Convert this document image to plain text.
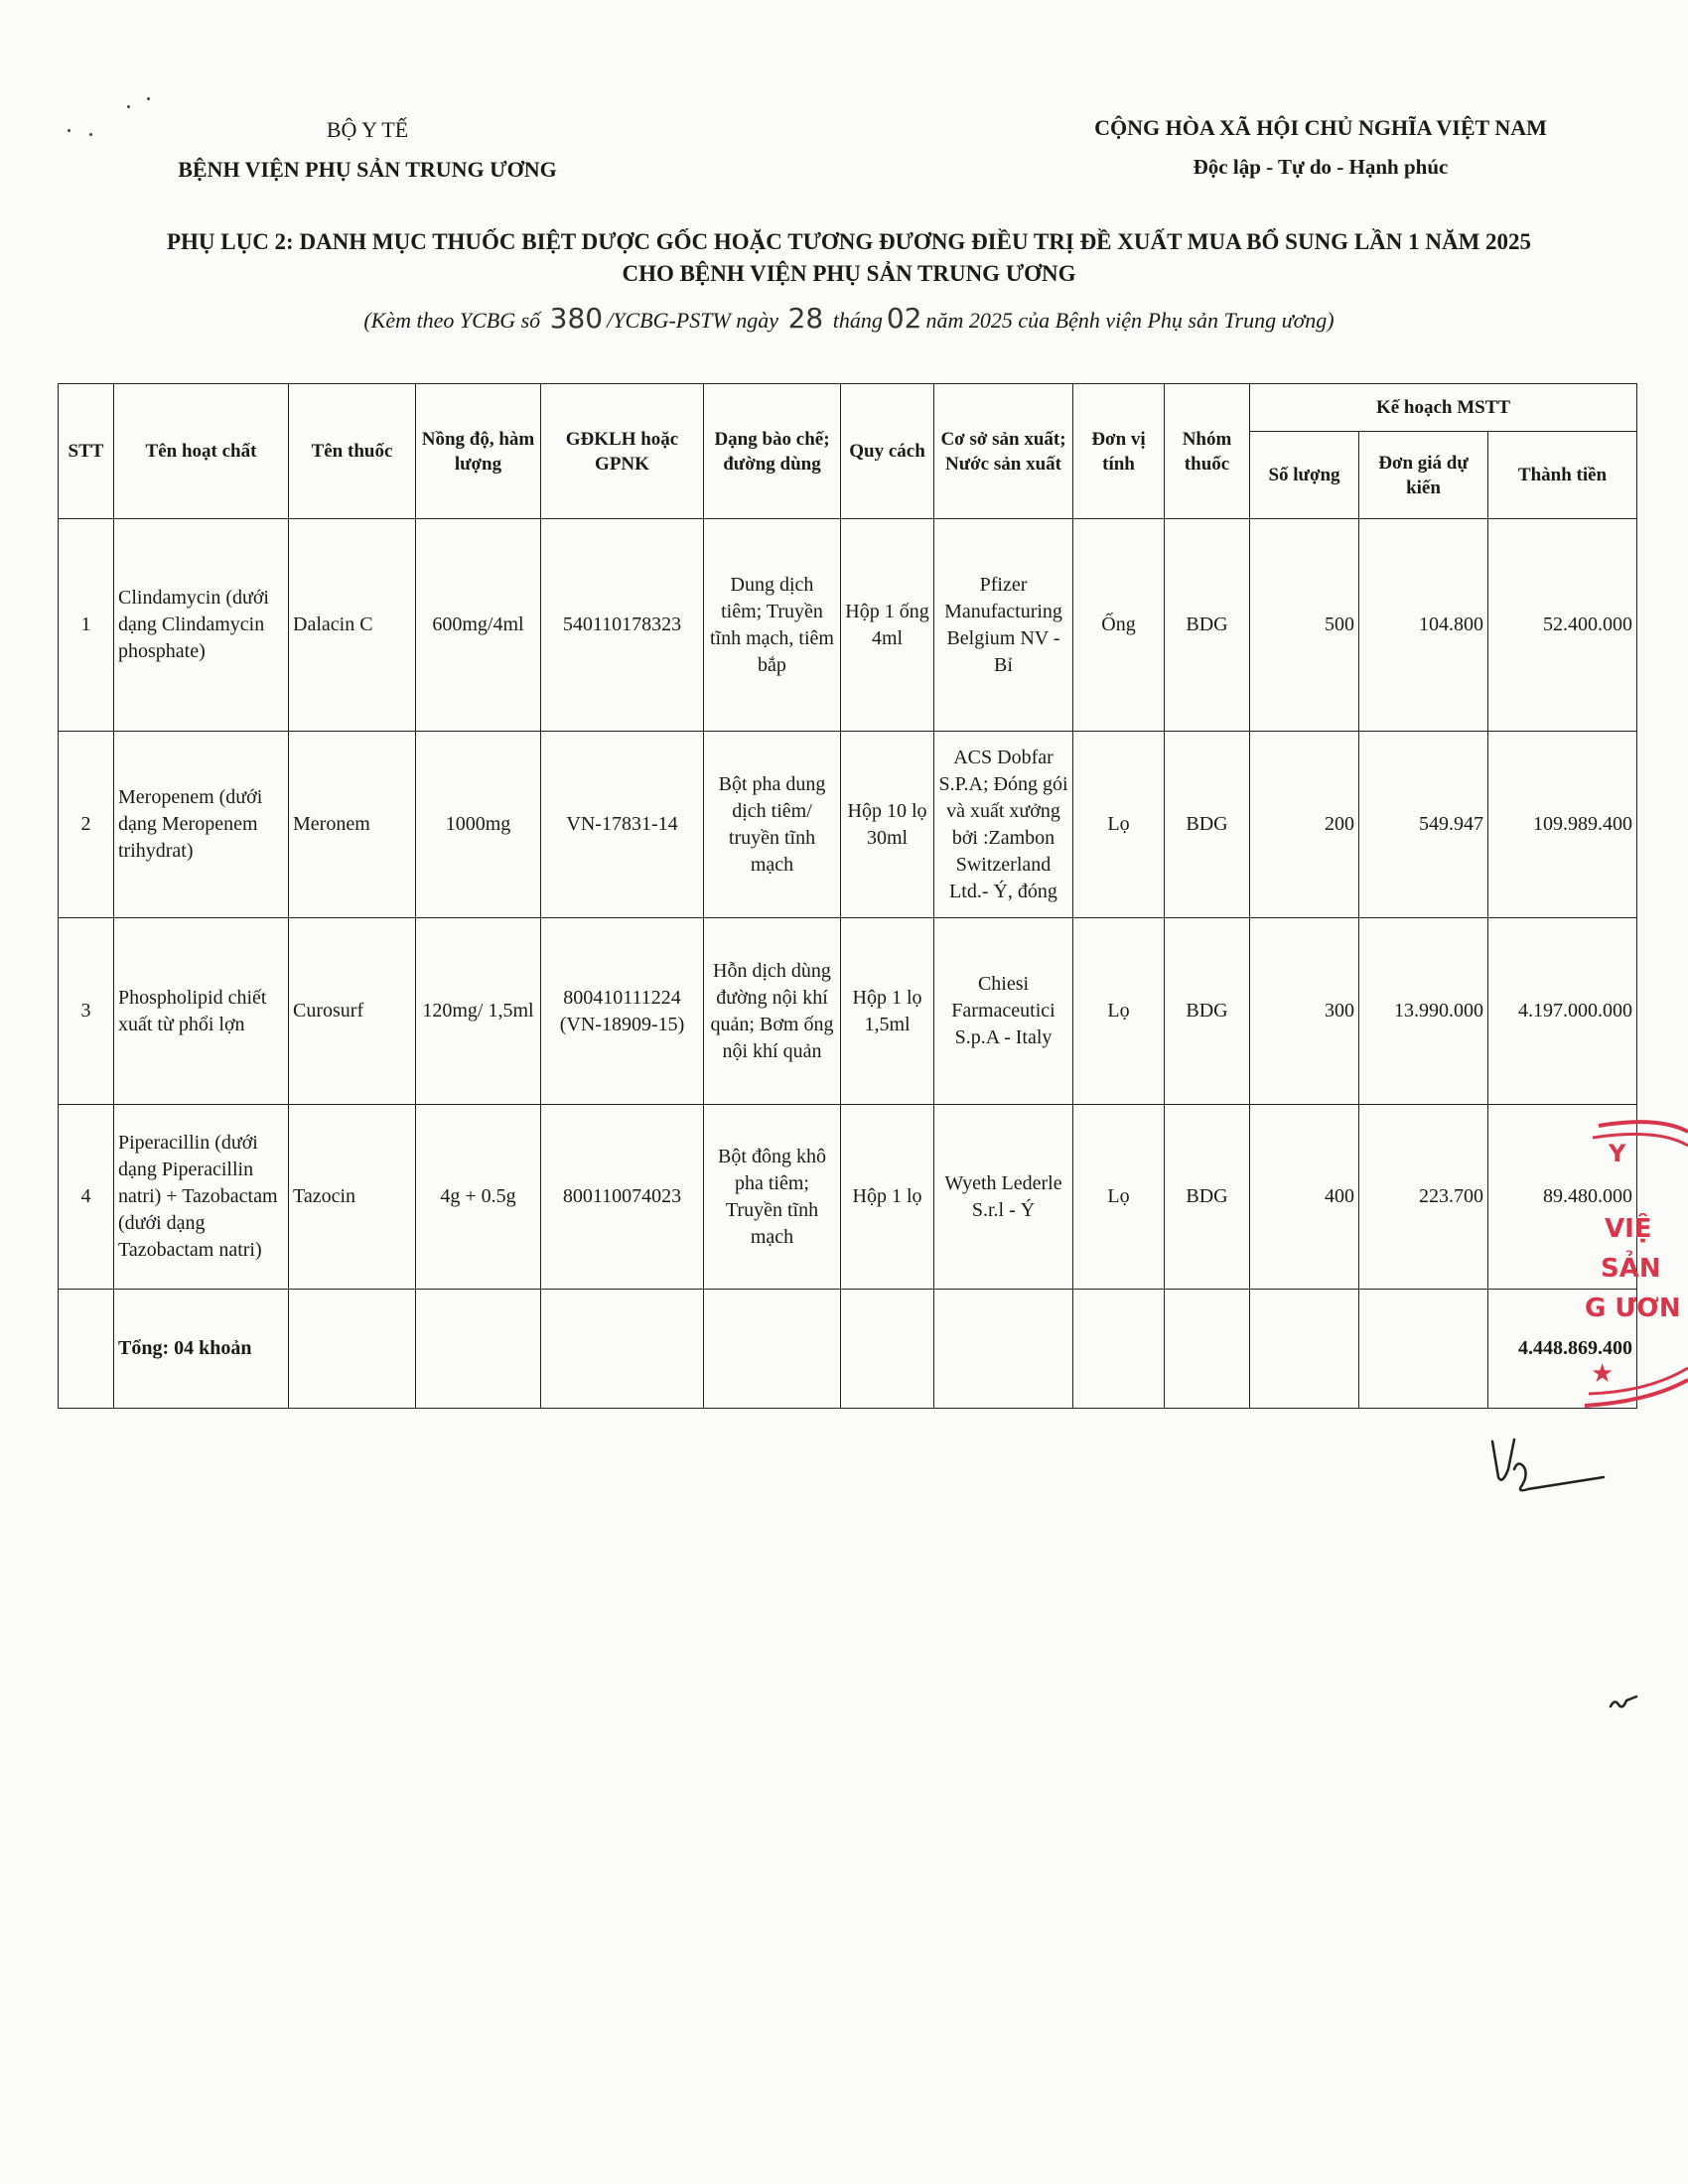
BỘ Y TẾ
BỆNH VIỆN PHỤ SẢN TRUNG ƯƠNG
CỘNG HÒA XÃ HỘI CHỦ NGHĨA VIỆT NAM
Độc lập - Tự do - Hạnh phúc
PHỤ LỤC 2: DANH MỤC THUỐC BIỆT DƯỢC GỐC HOẶC TƯƠNG ĐƯƠNG ĐIỀU TRỊ ĐỀ XUẤT MUA BỔ SUNG LẦN 1 NĂM 2025
CHO BỆNH VIỆN PHỤ SẢN TRUNG ƯƠNG
(Kèm theo YCBG số 380 /YCBG-PSTW ngày 28 tháng 02 năm 2025 của Bệnh viện Phụ sản Trung ương)
STT	Tên hoạt chất	Tên thuốc	Nồng độ, hàm lượng	GĐKLH hoặc GPNK	Dạng bào chế; đường dùng	Quy cách	Cơ sở sản xuất; Nước sản xuất	Đơn vị tính	Nhóm thuốc	Kế hoạch MSTT		
										Số lượng	Đơn giá dự kiến	Thành tiền
1	Clindamycin (dưới dạng Clindamycin phosphate)	Dalacin C	600mg/4ml	540110178323	Dung dịch tiêm; Truyền tĩnh mạch, tiêm bắp	Hộp 1 ống 4ml	Pfizer Manufacturing Belgium NV - Bỉ	Ống	BDG	500	104.800	52.400.000
2	Meropenem (dưới dạng Meropenem trihydrat)	Meronem	1000mg	VN-17831-14	Bột pha dung dịch tiêm/ truyền tĩnh mạch	Hộp 10 lọ 30ml	ACS Dobfar S.P.A; Đóng gói và xuất xưởng bởi :Zambon Switzerland Ltd.- Ý, đóng	Lọ	BDG	200	549.947	109.989.400
3	Phospholipid chiết xuất từ phổi lợn	Curosurf	120mg/ 1,5ml	800410111224 (VN-18909-15)	Hỗn dịch dùng đường nội khí quản; Bơm ống nội khí quản	Hộp 1 lọ 1,5ml	Chiesi Farmaceutici S.p.A - Italy	Lọ	BDG	300	13.990.000	4.197.000.000
4	Piperacillin (dưới dạng Piperacillin natri) + Tazobactam (dưới dạng Tazobactam natri)	Tazocin	4g + 0.5g	800110074023	Bột đông khô pha tiêm; Truyền tĩnh mạch	Hộp 1 lọ	Wyeth Lederle S.r.l - Ý	Lọ	BDG	400	223.700	89.480.000
	Tổng: 04 khoản											4.448.869.400
Y
VIỆ
SẢN
G ƯƠN
★
